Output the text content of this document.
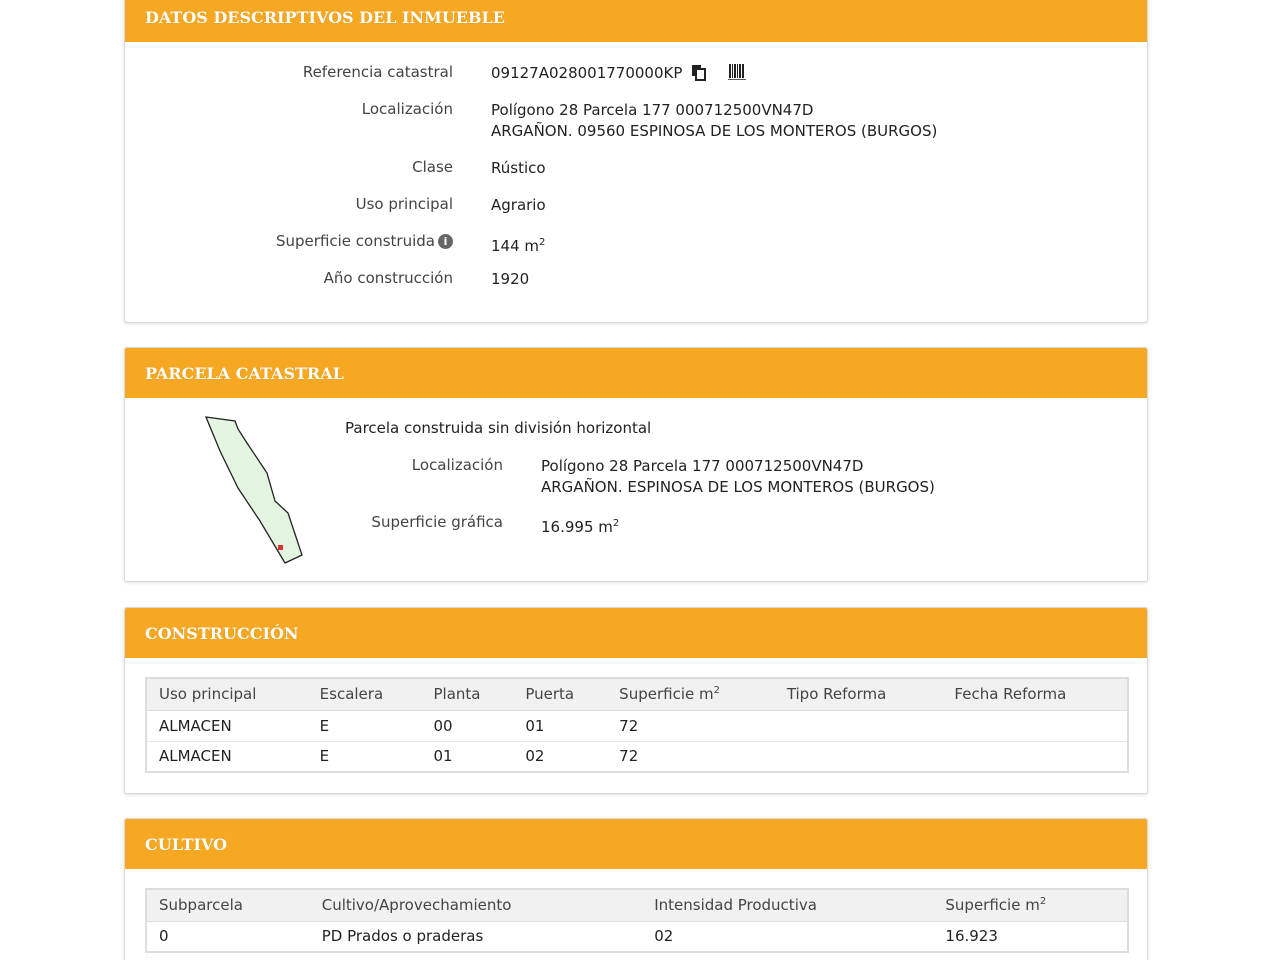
DATOS DESCRIPTIVOS DEL INMUEBLE
Referencia catastral	09127A028001770000KP
Localización	Polígono 28 Parcela 177 000712500VN47D
ARGAÑON. 09560 ESPINOSA DE LOS MONTEROS (BURGOS)
Clase	Rústico
Uso principal	Agrario
Superficie construida i	144 $m^2$
Año construcción	1920
PARCELA CATASTRAL
Parcela construida sin división horizontal
Localización	Polígono 28 Parcela 177 000712500VN47D
ARGAÑON. ESPINOSA DE LOS MONTEROS (BURGOS)
Superficie gráfica	16.995 $m^2$
CONSTRUCCIÓN
Uso principal	Escalera	Planta	Puerta	Superficie $m^2$	Tipo Reforma	Fecha Reforma
ALMACEN	E	00	01	72		
ALMACEN	E	01	02	72		
CULTIVO
Subparcela	Cultivo/Aprovechamiento	Intensidad Productiva	Superficie $m^2$
0	PD Prados o praderas	02	16.923
